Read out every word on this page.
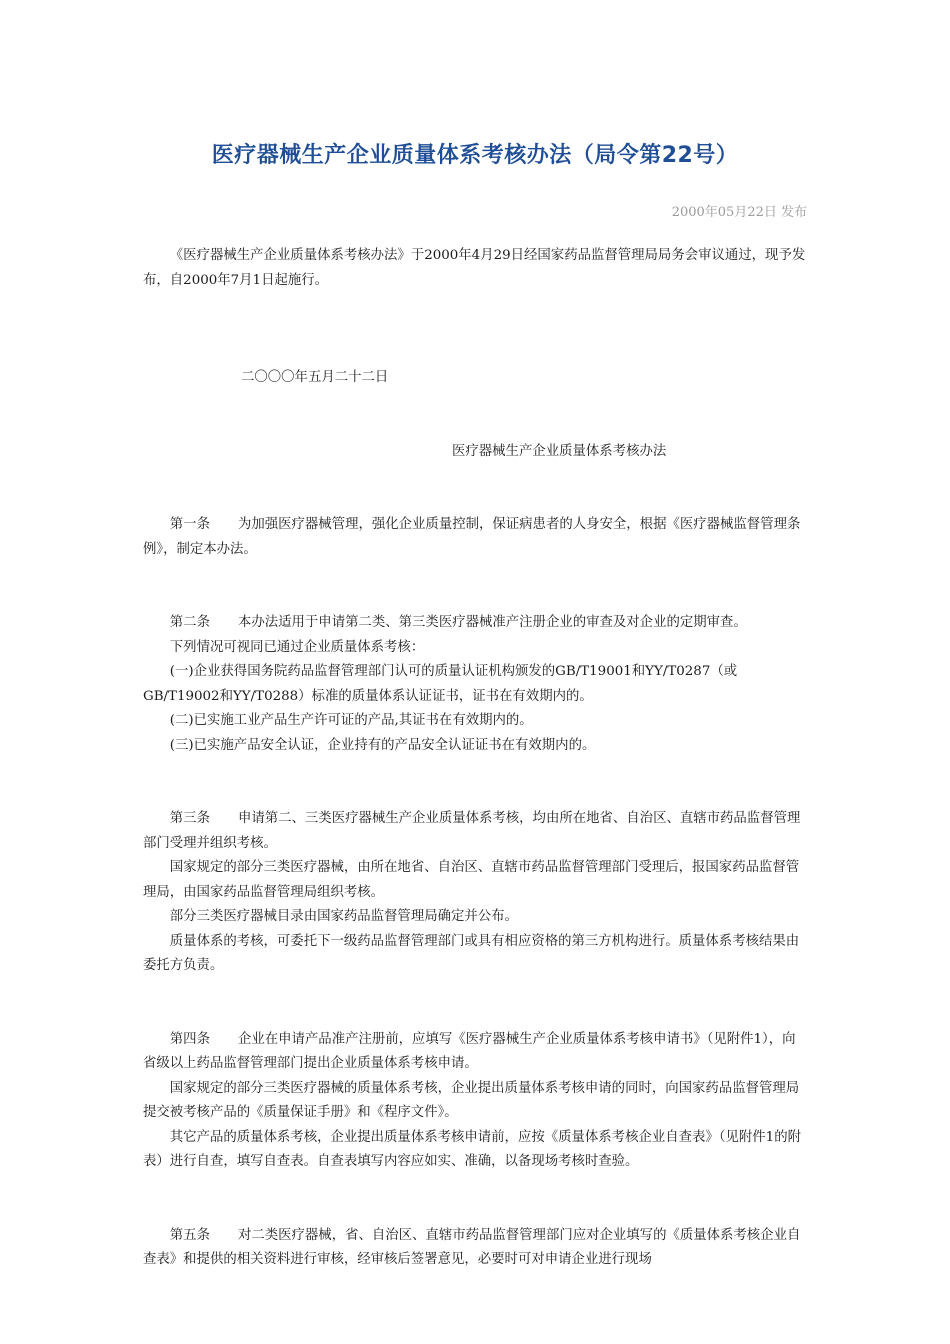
医疗器械生产企业质量体系考核办法（局令第22号）
2000年05月22日 发布

《医疗器械生产企业质量体系考核办法》于2000年4月29日经国家药品监督管理局局务会审议通过，现予发布，自2000年7月1日起施行。

二〇〇〇年五月二十二日

医疗器械生产企业质量体系考核办法

第一条 为加强医疗器械管理，强化企业质量控制，保证病患者的人身安全，根据《医疗器械监督管理条例》，制定本办法。

第二条 本办法适用于申请第二类、第三类医疗器械准产注册企业的审查及对企业的定期审查。

下列情况可视同已通过企业质量体系考核：

(一)企业获得国务院药品监督管理部门认可的质量认证机构颁发的GB/T19001和YY/T0287（或GB/T19002和YY/T0288）标准的质量体系认证证书，证书在有效期内的。

(二)已实施工业产品生产许可证的产品,其证书在有效期内的。

(三)已实施产品安全认证，企业持有的产品安全认证证书在有效期内的。

第三条 申请第二、三类医疗器械生产企业质量体系考核，均由所在地省、自治区、直辖市药品监督管理部门受理并组织考核。

国家规定的部分三类医疗器械，由所在地省、自治区、直辖市药品监督管理部门受理后，报国家药品监督管理局，由国家药品监督管理局组织考核。

部分三类医疗器械目录由国家药品监督管理局确定并公布。

质量体系的考核，可委托下一级药品监督管理部门或具有相应资格的第三方机构进行。质量体系考核结果由委托方负责。

第四条 企业在申请产品准产注册前，应填写《医疗器械生产企业质量体系考核申请书》（见附件1），向省级以上药品监督管理部门提出企业质量体系考核申请。

国家规定的部分三类医疗器械的质量体系考核，企业提出质量体系考核申请的同时，向国家药品监督管理局提交被考核产品的《质量保证手册》和《程序文件》。

其它产品的质量体系考核，企业提出质量体系考核申请前，应按《质量体系考核企业自查表》（见附件1的附表）进行自查，填写自查表。自查表填写内容应如实、准确，以备现场考核时查验。

第五条 对二类医疗器械，省、自治区、直辖市药品监督管理部门应对企业填写的《质量体系考核企业自查表》和提供的相关资料进行审核，经审核后签署意见，必要时可对申请企业进行现场
